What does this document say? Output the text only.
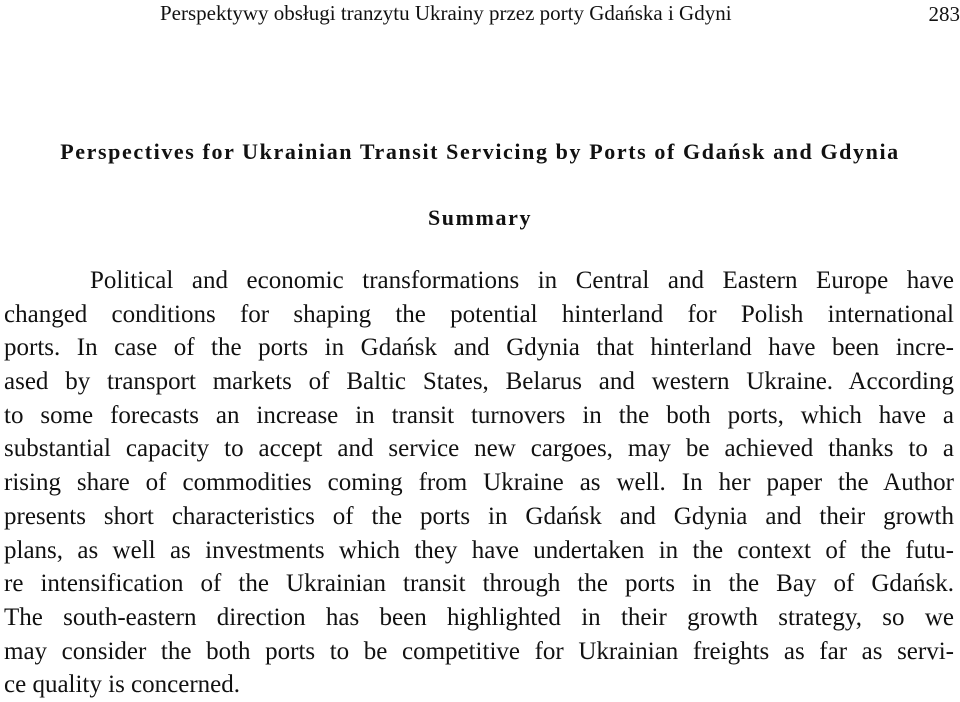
Perspektywy obsługi tranzytu Ukrainy przez porty Gdańska i Gdyni	283
Perspectives for Ukrainian Transit Servicing by Ports of Gdańsk and Gdynia
Summary
Political and economic transformations in Central and Eastern Europe have
changed conditions for shaping the potential hinterland for Polish international
ports. In case of the ports in Gdańsk and Gdynia that hinterland have been incre-
ased by transport markets of Baltic States, Belarus and western Ukraine. According
to some forecasts an increase in transit turnovers in the both ports, which have a
substantial capacity to accept and service new cargoes, may be achieved thanks to a
rising share of commodities coming from Ukraine as well. In her paper the Author
presents short characteristics of the ports in Gdańsk and Gdynia and their growth
plans, as well as investments which they have undertaken in the context of the futu-
re intensification of the Ukrainian transit through the ports in the Bay of Gdańsk.
The south-eastern direction has been highlighted in their growth strategy, so we
may consider the both ports to be competitive for Ukrainian freights as far as servi-
ce quality is concerned.
